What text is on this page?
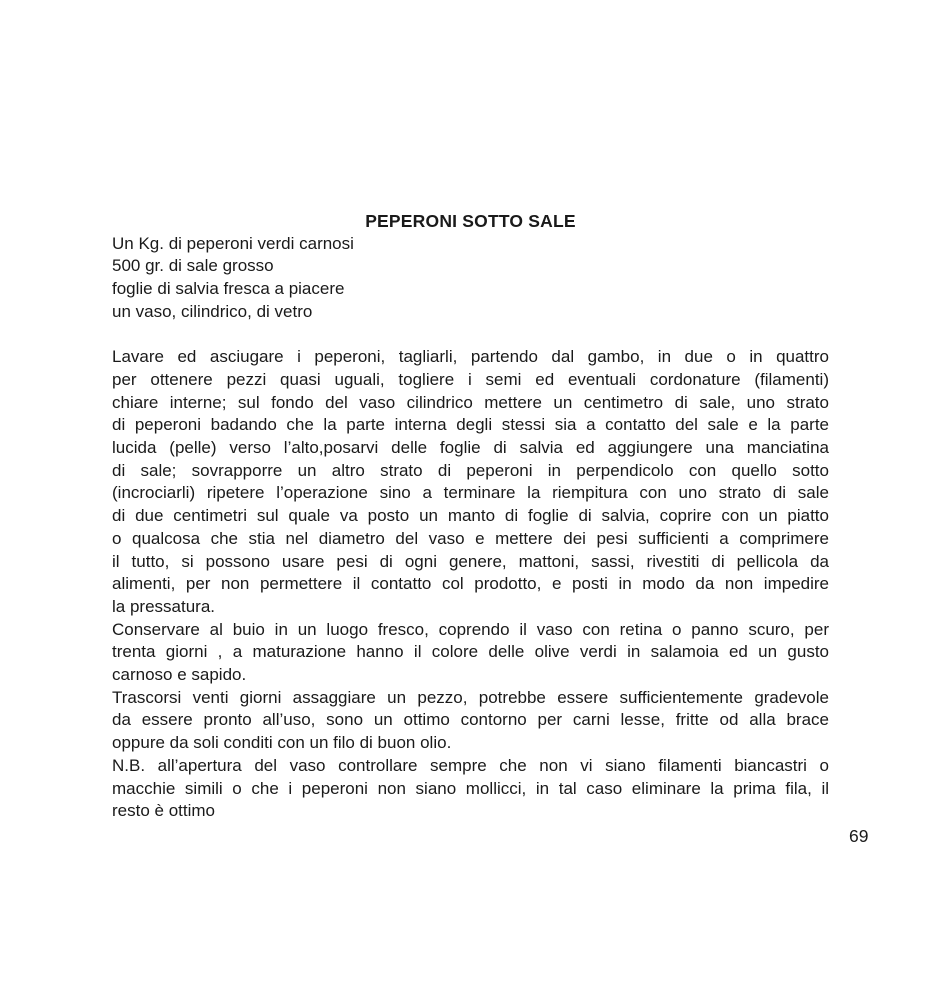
PEPERONI SOTTO SALE
Un Kg. di peperoni verdi carnosi
500 gr. di sale grosso
foglie di salvia fresca a piacere
un vaso, cilindrico, di vetro
Lavare ed asciugare i peperoni, tagliarli, partendo dal gambo, in due o in quattro
per ottenere pezzi quasi uguali, togliere i semi ed eventuali cordonature (filamenti)
chiare interne; sul fondo del vaso cilindrico mettere un centimetro di sale, uno strato
di peperoni badando che la parte interna degli stessi sia a contatto del sale e la parte
lucida (pelle) verso l’alto,posarvi delle foglie di salvia ed aggiungere una manciatina
di sale; sovrapporre un altro strato di peperoni in perpendicolo con quello sotto
(incrociarli) ripetere l’operazione sino a terminare la riempitura con uno strato di sale
di due centimetri sul quale va posto un manto di foglie di salvia, coprire con un piatto
o qualcosa che stia nel diametro del vaso e mettere dei pesi sufficienti a comprimere
il tutto, si possono usare pesi di ogni genere, mattoni, sassi, rivestiti di pellicola da
alimenti, per non permettere il contatto col prodotto, e posti in modo da non impedire
la pressatura.
Conservare al buio in un luogo fresco, coprendo il vaso con retina o panno scuro, per
trenta giorni , a maturazione hanno il colore delle olive verdi in salamoia ed un gusto
carnoso e sapido.
Trascorsi venti giorni assaggiare un pezzo, potrebbe essere sufficientemente gradevole
da essere pronto all’uso, sono un ottimo contorno per carni lesse, fritte od alla brace
oppure da soli conditi con un filo di buon olio.
N.B. all’apertura del vaso controllare sempre che non vi siano filamenti biancastri o
macchie simili o che i peperoni non siano mollicci, in tal caso eliminare la prima fila, il
resto è ottimo
69
